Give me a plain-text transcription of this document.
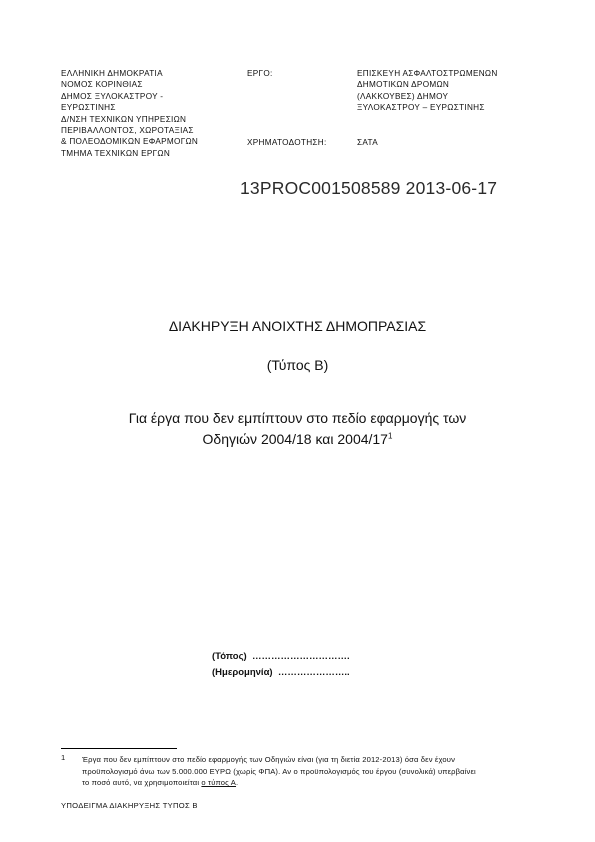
ΕΛΛΗΝΙΚΗ ΔΗΜΟΚΡΑΤΙΑ
ΝΟΜΟΣ ΚΟΡΙΝΘΙΑΣ
ΔΗΜΟΣ ΞΥΛΟΚΑΣΤΡΟΥ -
ΕΥΡΩΣΤΙΝΗΣ
Δ/ΝΣΗ ΤΕΧΝΙΚΩΝ ΥΠΗΡΕΣΙΩΝ
ΠΕΡΙΒΑΛΛΟΝΤΟΣ, ΧΩΡΟΤΑΞΙΑΣ
& ΠΟΛΕΟΔΟΜΙΚΩΝ ΕΦΑΡΜΟΓΩΝ
ΤΜΗΜΑ ΤΕΧΝΙΚΩΝ ΕΡΓΩΝ
ΕΡΓΟ:	ΕΠΙΣΚΕΥΗ ΑΣΦΑΛΤΟΣΤΡΩΜΕΝΩΝ
ΔΗΜΟΤΙΚΩΝ ΔΡΟΜΩΝ
(ΛΑΚΚΟΥΒΕΣ) ΔΗΜΟΥ
ΞΥΛΟΚΑΣΤΡΟΥ – ΕΥΡΩΣΤΙΝΗΣ
ΧΡΗΜΑΤΟΔΟΤΗΣΗ:	ΣΑΤΑ
13PROC001508589 2013-06-17
ΔΙΑΚΗΡΥΞΗ ΑΝΟΙΧΤΗΣ ΔΗΜΟΠΡΑΣΙΑΣ
(Τύπος Β)
Για έργα που δεν εμπίπτουν στο πεδίο εφαρμογής των
Οδηγιών 2004/18 και $2004/17^1$
(Τόπος) ………………………….
(Ημερομηνία) …………………..
1 Έργα που δεν εμπίπτουν στο πεδίο εφαρμογής των Οδηγιών είναι (για τη διετία 2012-2013) όσα δεν έχουν
προϋπολογισμό άνω των 5.000.000 ΕΥΡΩ (χωρίς ΦΠΑ). Αν ο προϋπολογισμός του έργου (συνολικά) υπερβαίνει
το ποσό αυτό, να χρησιμοποιείται ο τύπος Α.
ΥΠΟΔΕΙΓΜΑ ΔΙΑΚΗΡΥΞΗΣ ΤΥΠΟΣ Β
